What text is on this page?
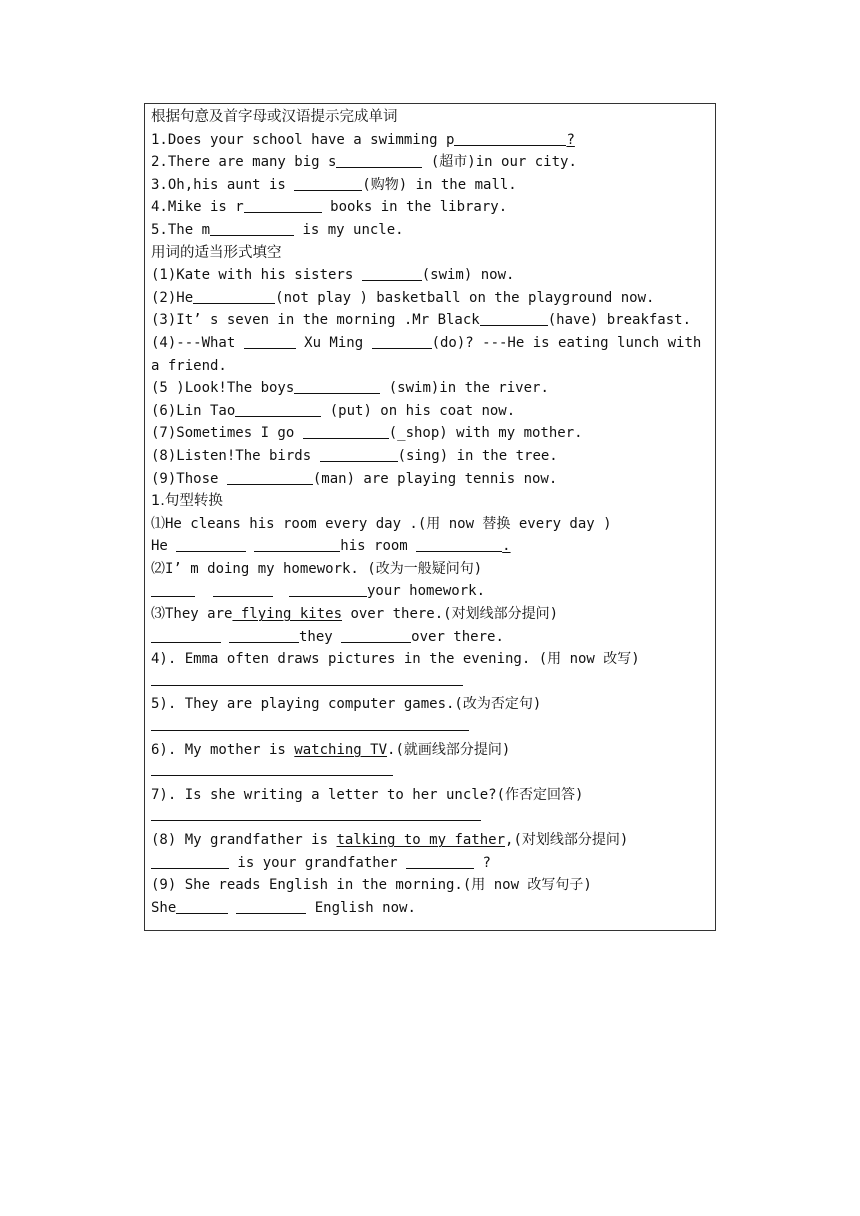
根据句意及首字母或汉语提示完成单词
1.Does your school have a swimming p	?
2.There are many big s	(超市)in our city.
3.Oh,his aunt is	(购物) in the mall.
4.Mike is r	books in the library.
5.The m	is my uncle.
用词的适当形式填空
(1)Kate with his sisters	(swim) now.
(2)He	(not play ) basketball on the playground now.
(3)It’ s seven in the morning .Mr Black	(have) breakfast.
(4)---What	Xu Ming	(do)? ---He is eating lunch with
a friend.
(5 )Look!The boys	(swim)in the river.
(6)Lin Tao	(put) on his coat now.
(7)Sometimes I go	(_shop) with my mother.
(8)Listen!The birds	(sing) in the tree.
(9)Those	(man) are playing tennis now.
1.句型转换
⑴He cleans his room every day .(用 now 替换 every day )
He	his room	.
⑵I’ m doing my homework. (改为一般疑问句)
your homework.
⑶They are flying kites over there.(对划线部分提问)
they	over there.
4). Emma often draws pictures in the evening. (用 now 改写)
5). They are playing computer games.(改为否定句)
6). My mother is watching TV.(就画线部分提问)
7). Is she writing a letter to her uncle?(作否定回答)
(8) My grandfather is talking to my father,(对划线部分提问)
is your grandfather	?
(9) She reads English in the morning.(用 now 改写句子)
She	English now.
